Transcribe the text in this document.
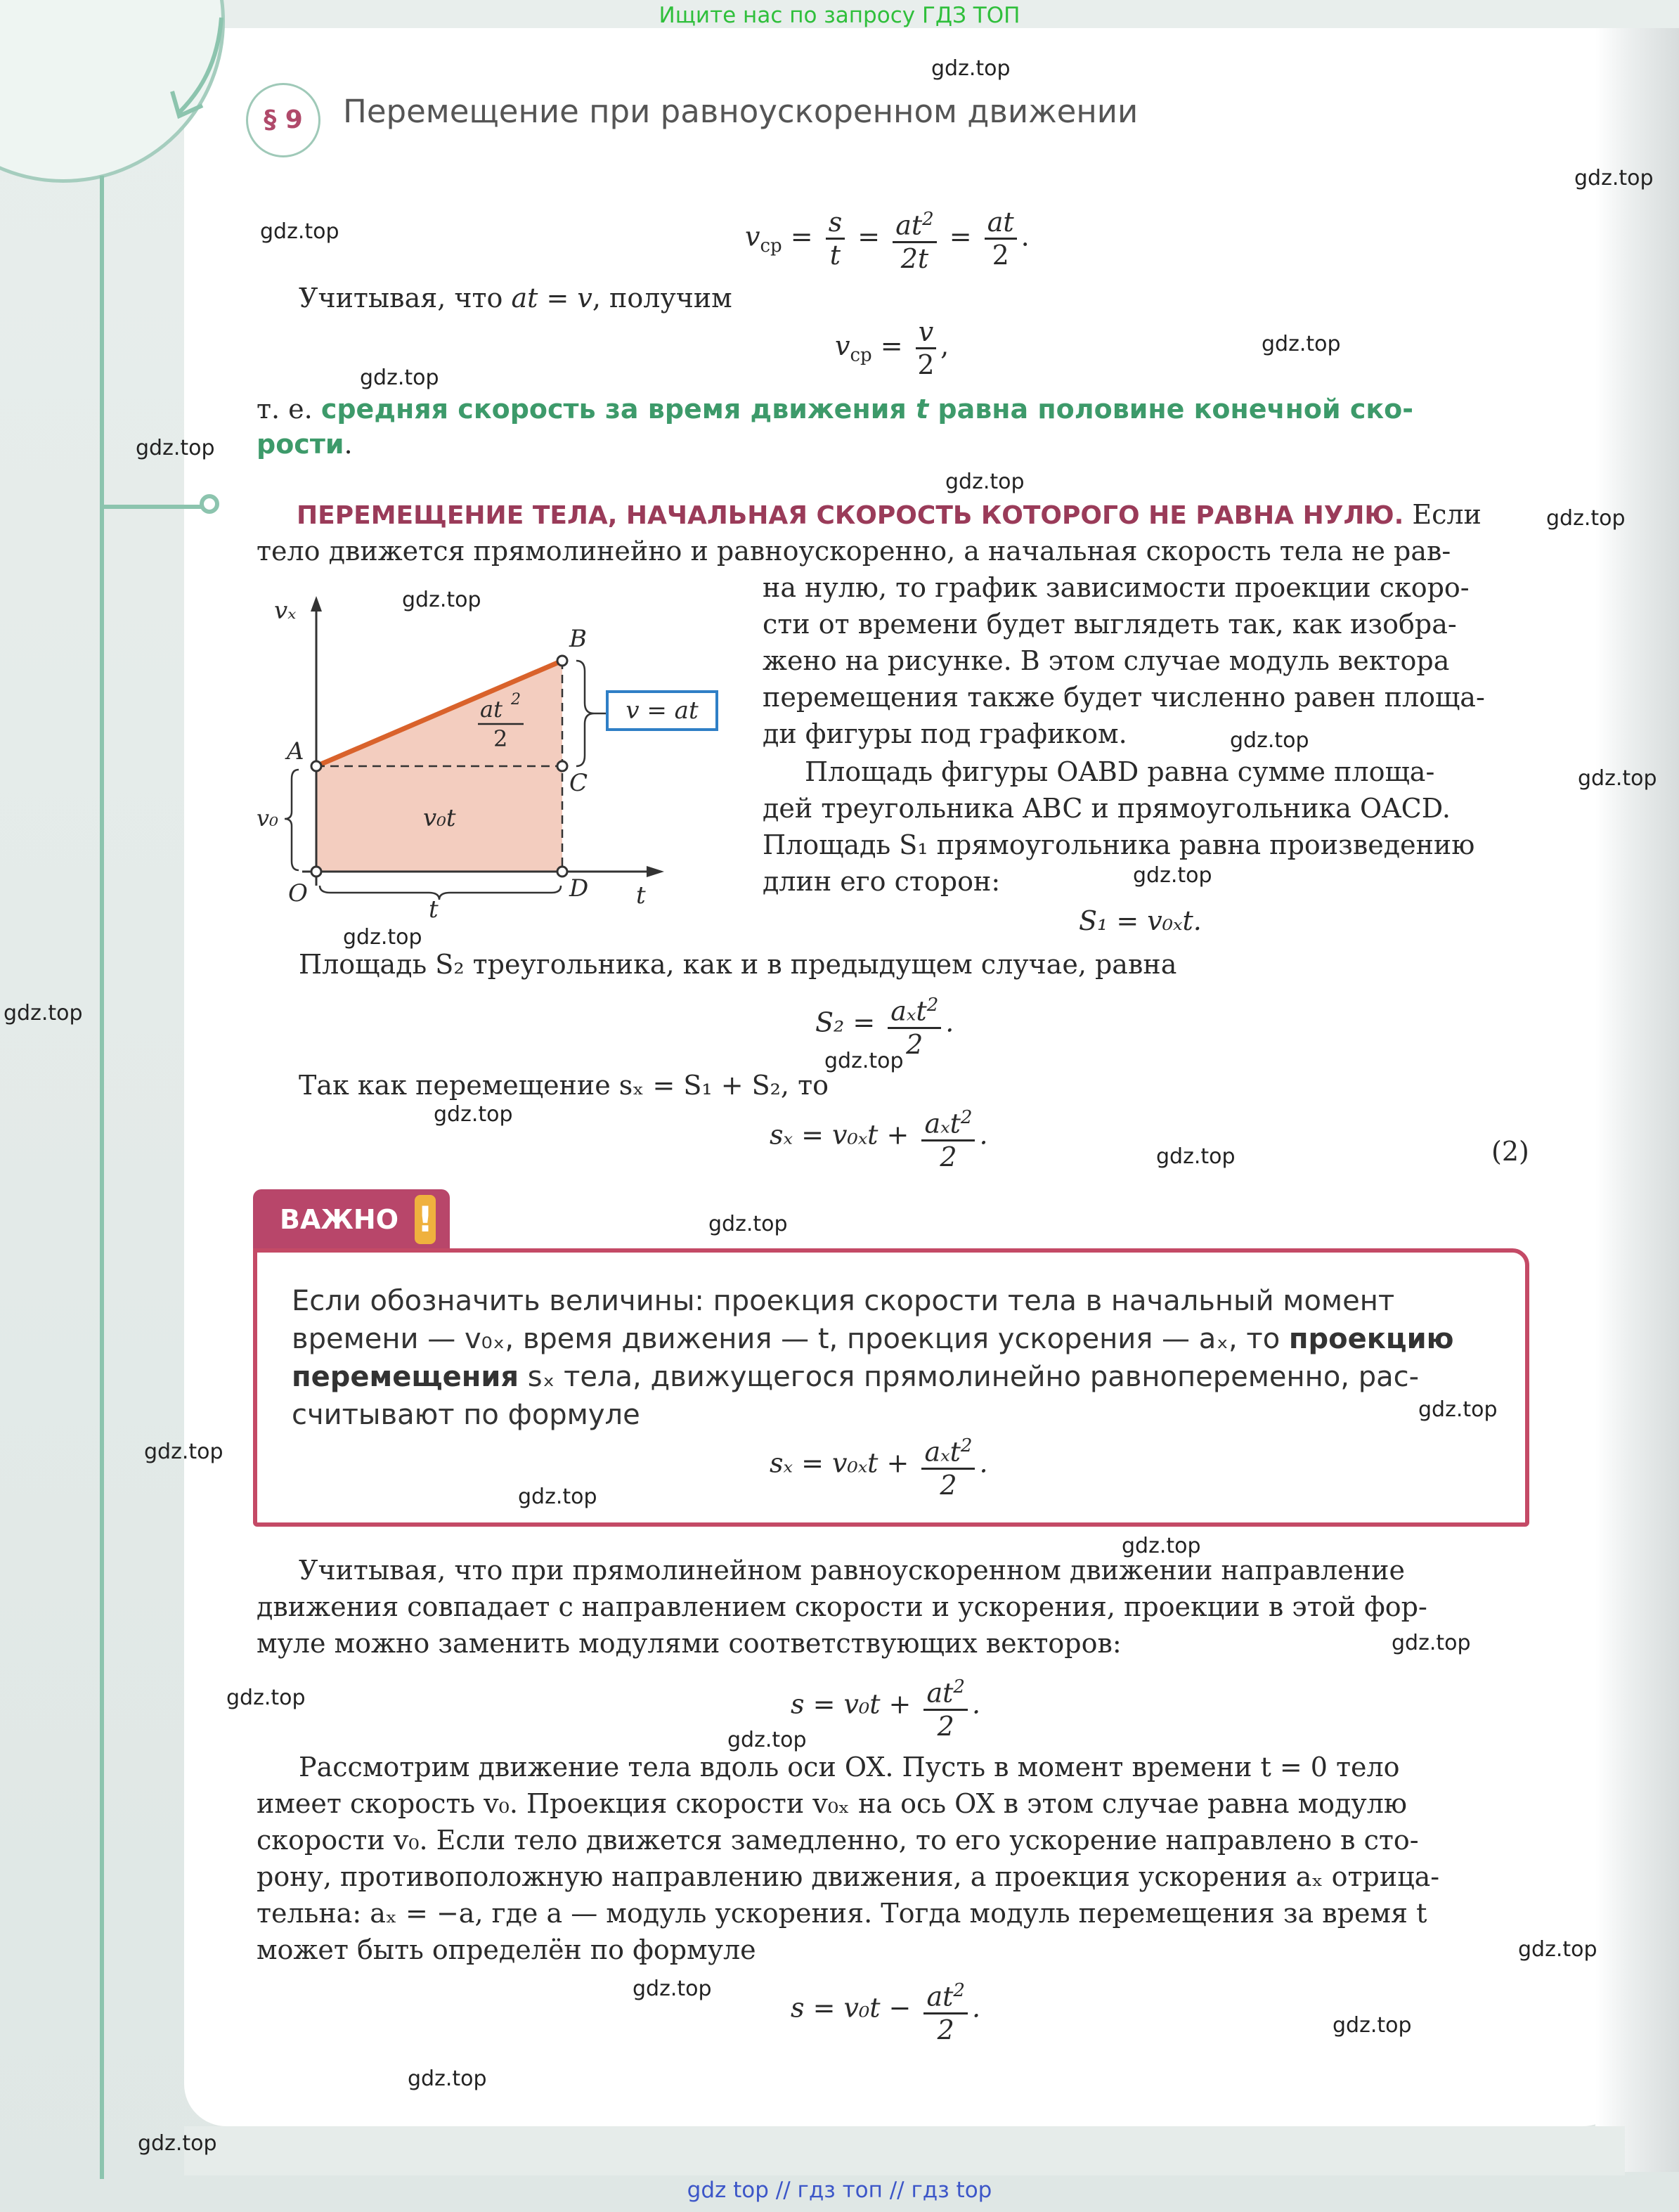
Ищите нас по запросу ГДЗ ТОП
§ 9	Перемещение при равноускоренном движении
$v_{ср} = \frac{s}{t} = \frac{at^2}{2t} = \frac{at}{2}$ .
Учитывая, что at = v, получим
$v_{ср} = \frac{v}{2}$ ,
т. е. средняя скорость за время движения t равна половине конечной ско-
рости.
ПЕРЕМЕЩЕНИЕ ТЕЛА, НАЧАЛЬНАЯ СКОРОСТЬ КОТОРОГО НЕ РАВНА НУЛЮ. Если
тело движется прямолинейно и равноускоренно, а начальная скорость тела не рав-
vₓ
t
O
A
B
C
D
at 2
2
v₀t
v₀
t
v = at
на нулю, то график зависимости проекции скоро-
сти от времени будет выглядеть так, как изобра-
жено на рисунке. В этом случае модуль вектора
перемещения также будет численно равен площа-
ди фигуры под графиком.
Площадь фигуры OABD равна сумме площа-
дей треугольника ABC и прямоугольника OACD.
Площадь S₁ прямоугольника равна произведению
длин его сторон:
S₁ = v₀ₓt.
Площадь S₂ треугольника, как и в предыдущем случае, равна
$S_2 = \frac{a_xt^2}{2}$ .
Так как перемещение sₓ = S₁ + S₂, то
$s_x = v_{0x}t + \frac{a_xt^2}{2}$ .
(2)
ВАЖНО !
Если обозначить величины: проекция скорости тела в начальный момент
времени — v₀ₓ, время движения — t, проекция ускорения — aₓ, то проекцию
перемещения sₓ тела, движущегося прямолинейно равнопеременно, рас-
считывают по формуле
$s_x = v_{0x}t + \frac{a_xt^2}{2}$ .
Учитывая, что при прямолинейном равноускоренном движении направление
движения совпадает с направлением скорости и ускорения, проекции в этой фор-
муле можно заменить модулями соответствующих векторов:
$s = v_0t + \frac{at^2}{2}$ .
Рассмотрим движение тела вдоль оси OX. Пусть в момент времени t = 0 тело
имеет скорость v₀. Проекция скорости v₀ₓ на ось OX в этом случае равна модулю
скорости v₀. Если тело движется замедленно, то его ускорение направлено в сто-
рону, противоположную направлению движения, а проекция ускорения aₓ отрица-
тельна: aₓ = −a, где a — модуль ускорения. Тогда модуль перемещения за время t
может быть определён по формуле
$s = v_0t - \frac{at^2}{2}$ .
gdz.top
gdz.top
gdz.top
gdz.top
gdz.top
gdz.top
gdz.top
gdz.top
gdz.top
gdz.top
gdz.top
gdz.top
gdz.top
gdz.top
gdz.top
gdz.top
gdz.top
gdz.top
gdz.top
gdz.top
gdz.top
gdz.top
gdz.top
gdz.top
gdz.top
gdz.top
gdz.top
gdz.top
gdz.top
gdz.top
gdz top // гдз топ // гдз top
